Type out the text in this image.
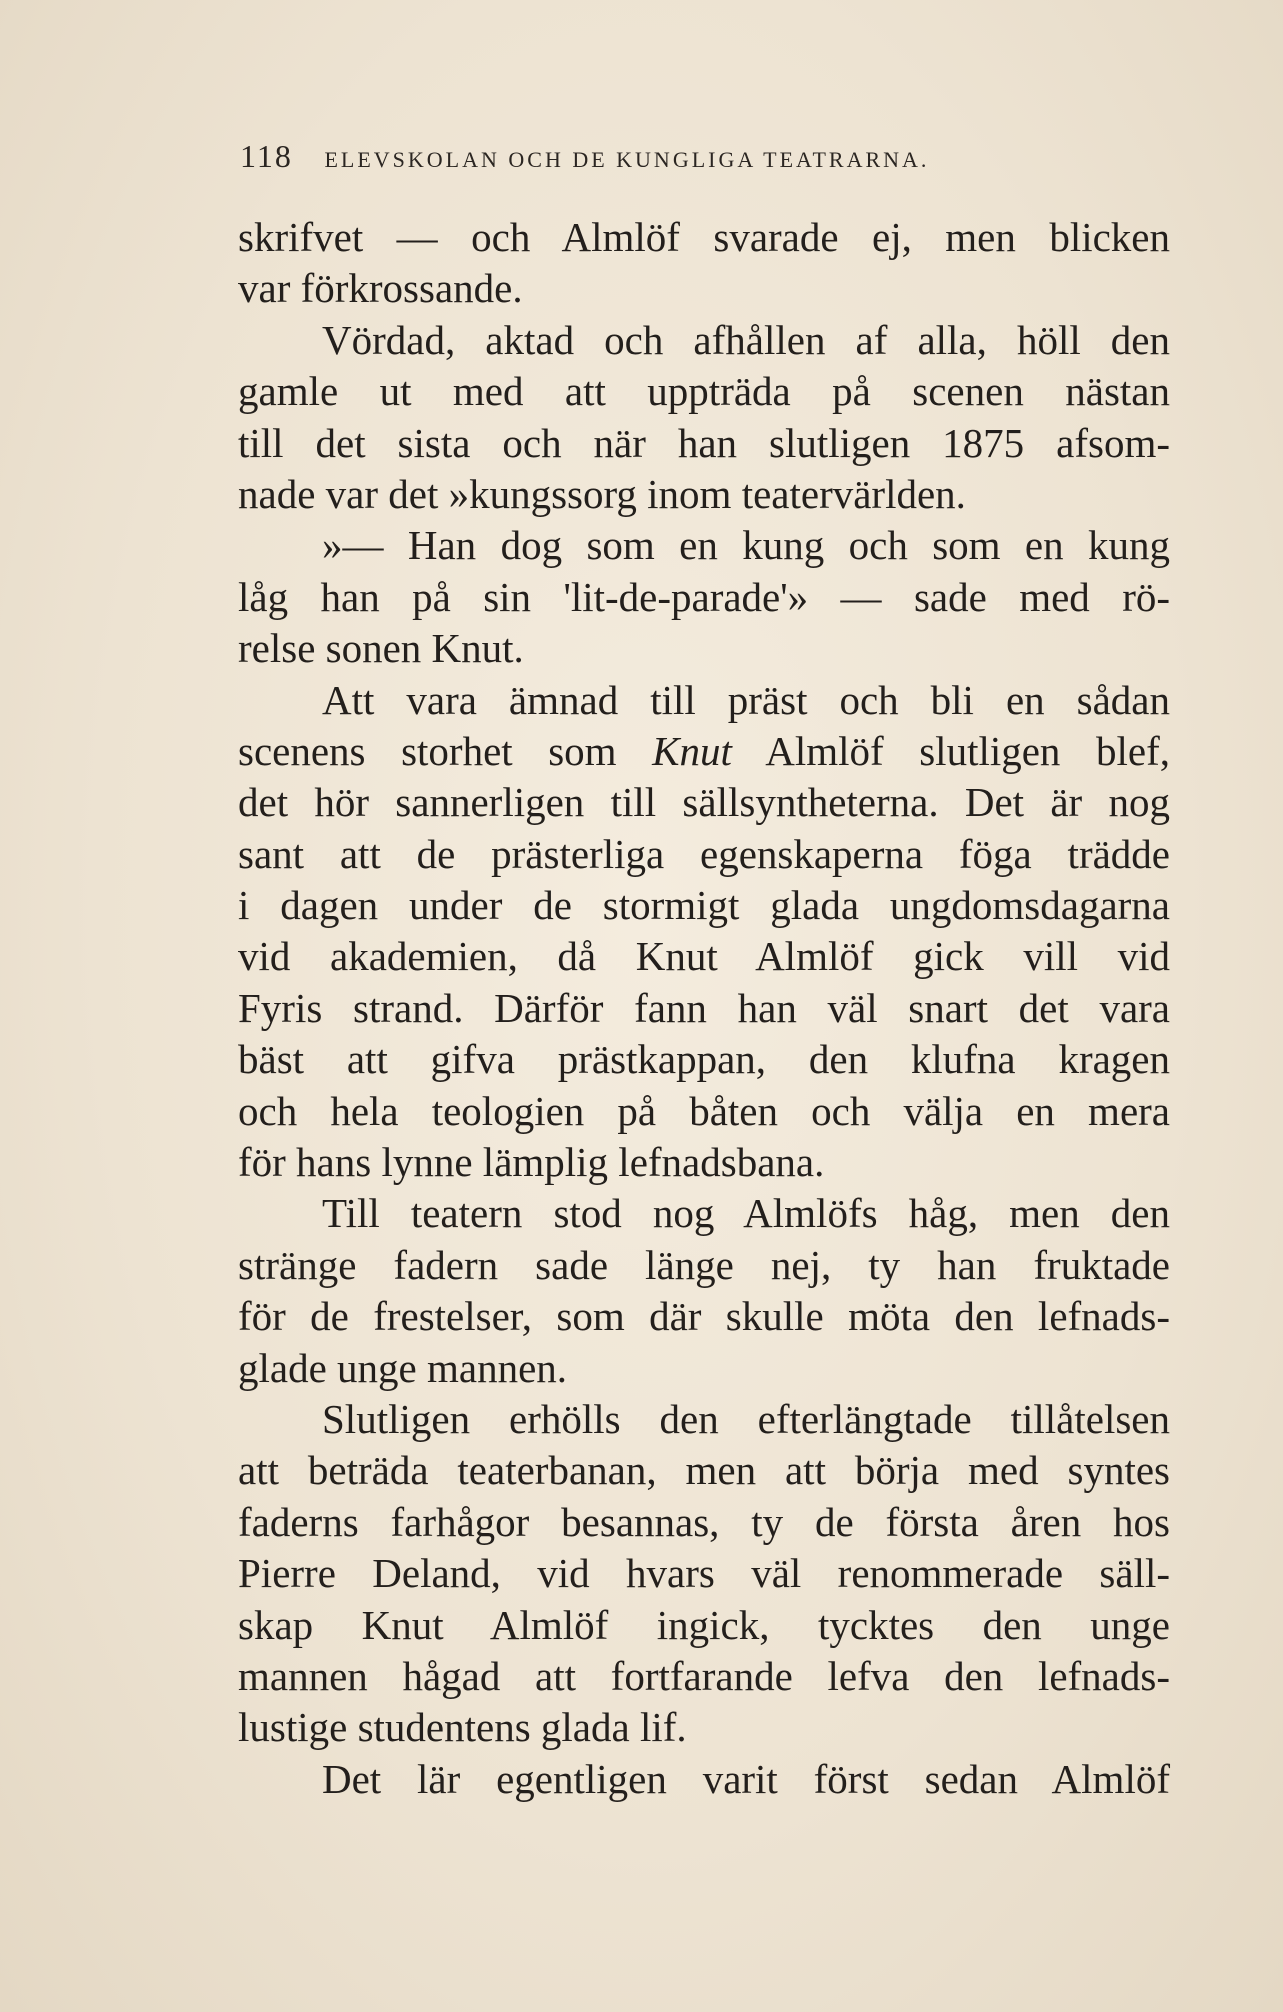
118 ELEVSKOLAN OCH DE KUNGLIGA TEATRARNA.
skrifvet — och Almlöf svarade ej, men blicken
var förkrossande.
Vördad, aktad och afhållen af alla, höll den
gamle ut med att uppträda på scenen nästan
till det sista och när han slutligen 1875 afsom-
nade var det »kungssorg inom teatervärlden.
»— Han dog som en kung och som en kung
låg han på sin 'lit-de-parade'» — sade med rö-
relse sonen Knut.
Att vara ämnad till präst och bli en sådan
scenens storhet som Knut Almlöf slutligen blef,
det hör sannerligen till sällsyntheterna. Det är nog
sant att de prästerliga egenskaperna föga trädde
i dagen under de stormigt glada ungdomsdagarna
vid akademien, då Knut Almlöf gick vill vid
Fyris strand. Därför fann han väl snart det vara
bäst att gifva prästkappan, den klufna kragen
och hela teologien på båten och välja en mera
för hans lynne lämplig lefnadsbana.
Till teatern stod nog Almlöfs håg, men den
stränge fadern sade länge nej, ty han fruktade
för de frestelser, som där skulle möta den lefnads-
glade unge mannen.
Slutligen erhölls den efterlängtade tillåtelsen
att beträda teaterbanan, men att börja med syntes
faderns farhågor besannas, ty de första åren hos
Pierre Deland, vid hvars väl renommerade säll-
skap Knut Almlöf ingick, tycktes den unge
mannen hågad att fortfarande lefva den lefnads-
lustige studentens glada lif.
Det lär egentligen varit först sedan Almlöf
